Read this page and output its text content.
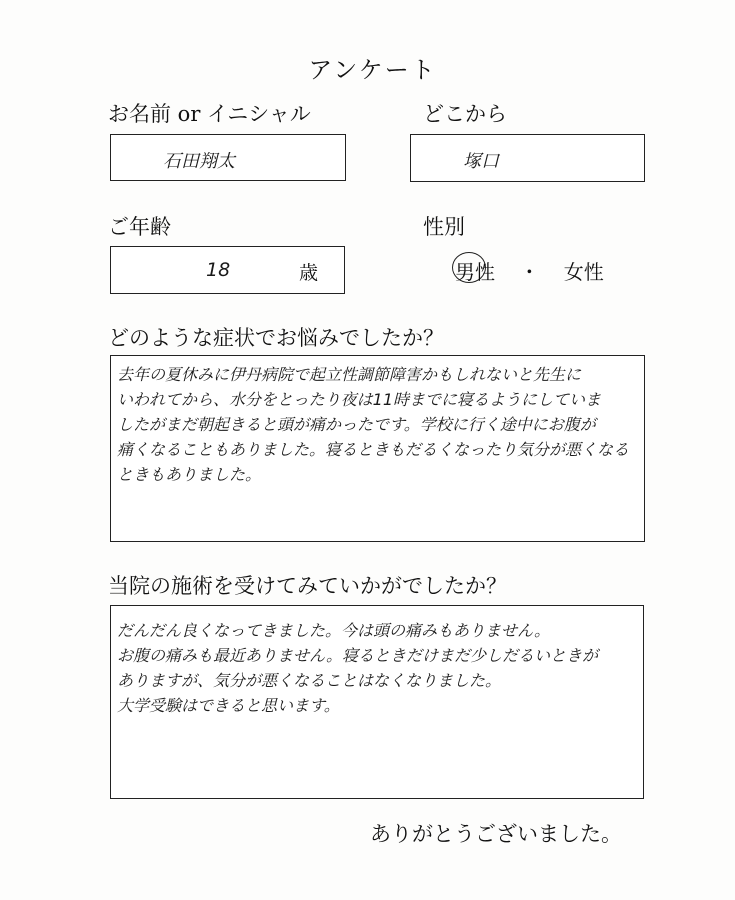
アンケート
お名前 or イニシャル
石田翔太
どこから
塚口
ご年齢
18	歳
性別
男性 ・ 女性
どのような症状でお悩みでしたか？
去年の夏休みに伊丹病院で起立性調節障害かもしれないと先生に
いわれてから、水分をとったり夜は11時までに寝るようにしていま
したがまだ朝起きると頭が痛かったです。学校に行く途中にお腹が
痛くなることもありました。寝るときもだるくなったり気分が悪くなる
ときもありました。
当院の施術を受けてみていかがでしたか？
だんだん良くなってきました。今は頭の痛みもありません。
お腹の痛みも最近ありません。寝るときだけまだ少しだるいときが
ありますが、気分が悪くなることはなくなりました。
大学受験はできると思います。
ありがとうございました。
